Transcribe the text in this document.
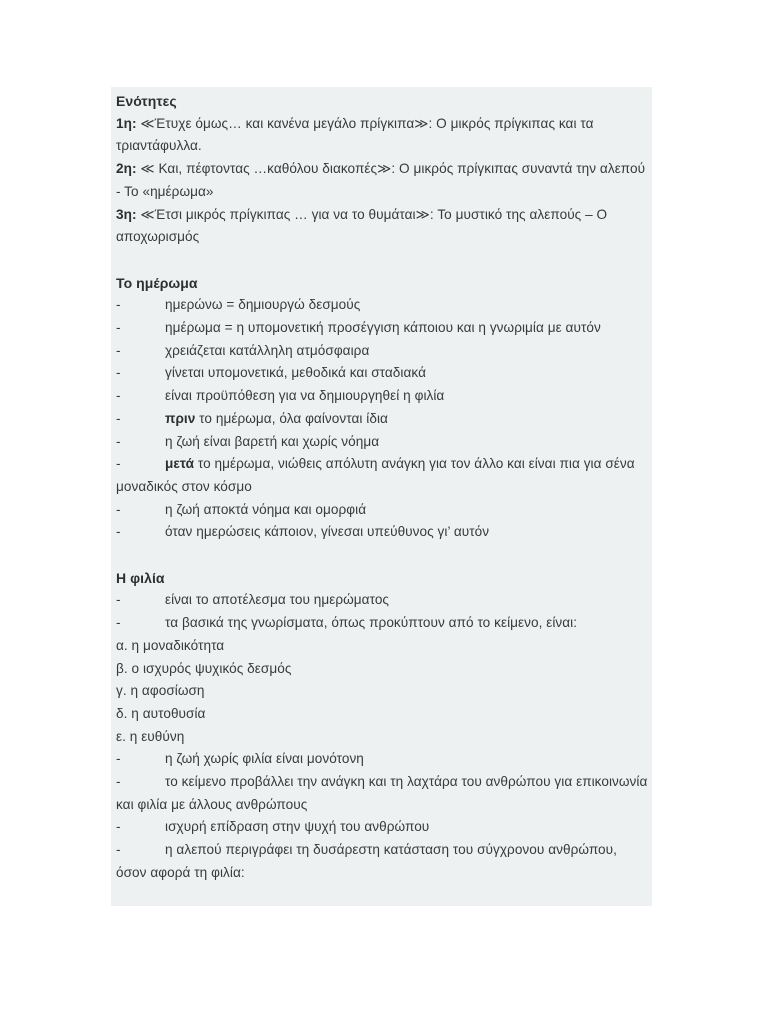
Ενότητες
1η: ≪Έτυχε όμως… και κανένα μεγάλο πρίγκιπα≫: Ο μικρός πρίγκιπας και τα τριαντάφυλλα.
2η: ≪ Και, πέφτοντας …καθόλου διακοπές≫: Ο μικρός πρίγκιπας συναντά την αλεπού - Το «ημέρωμα»
3η: ≪Έτσι μικρός πρίγκιπας … για να το θυμάται≫: Το μυστικό της αλεπούς – Ο αποχωρισμός
Το ημέρωμα
-	ημερώνω = δημιουργώ δεσμούς
-	ημέρωμα = η υπομονετική προσέγγιση κάποιου και η γνωριμία με αυτόν
-	χρειάζεται κατάλληλη ατμόσφαιρα
-	γίνεται υπομονετικά, μεθοδικά και σταδιακά
-	είναι προϋπόθεση για να δημιουργηθεί η φιλία
-	πριν το ημέρωμα, όλα φαίνονται ίδια
-	η ζωή είναι βαρετή και χωρίς νόημα
-	μετά το ημέρωμα, νιώθεις απόλυτη ανάγκη για τον άλλο και είναι πια για σένα μοναδικός στον κόσμο
-	η ζωή αποκτά νόημα και ομορφιά
-	όταν ημερώσεις κάποιον, γίνεσαι υπεύθυνος γι’ αυτόν
Η φιλία
-	είναι το αποτέλεσμα του ημερώματος
-	τα βασικά της γνωρίσματα, όπως προκύπτουν από το κείμενο, είναι:
α. η μοναδικότητα
β. ο ισχυρός ψυχικός δεσμός
γ. η αφοσίωση
δ. η αυτοθυσία
ε. η ευθύνη
-	η ζωή χωρίς φιλία είναι μονότονη
-	το κείμενο προβάλλει την ανάγκη και τη λαχτάρα του ανθρώπου για επικοινωνία και φιλία με άλλους ανθρώπους
-	ισχυρή επίδραση στην ψυχή του ανθρώπου
-	η αλεπού περιγράφει τη δυσάρεστη κατάσταση του σύγχρονου ανθρώπου, όσον αφορά τη φιλία:
